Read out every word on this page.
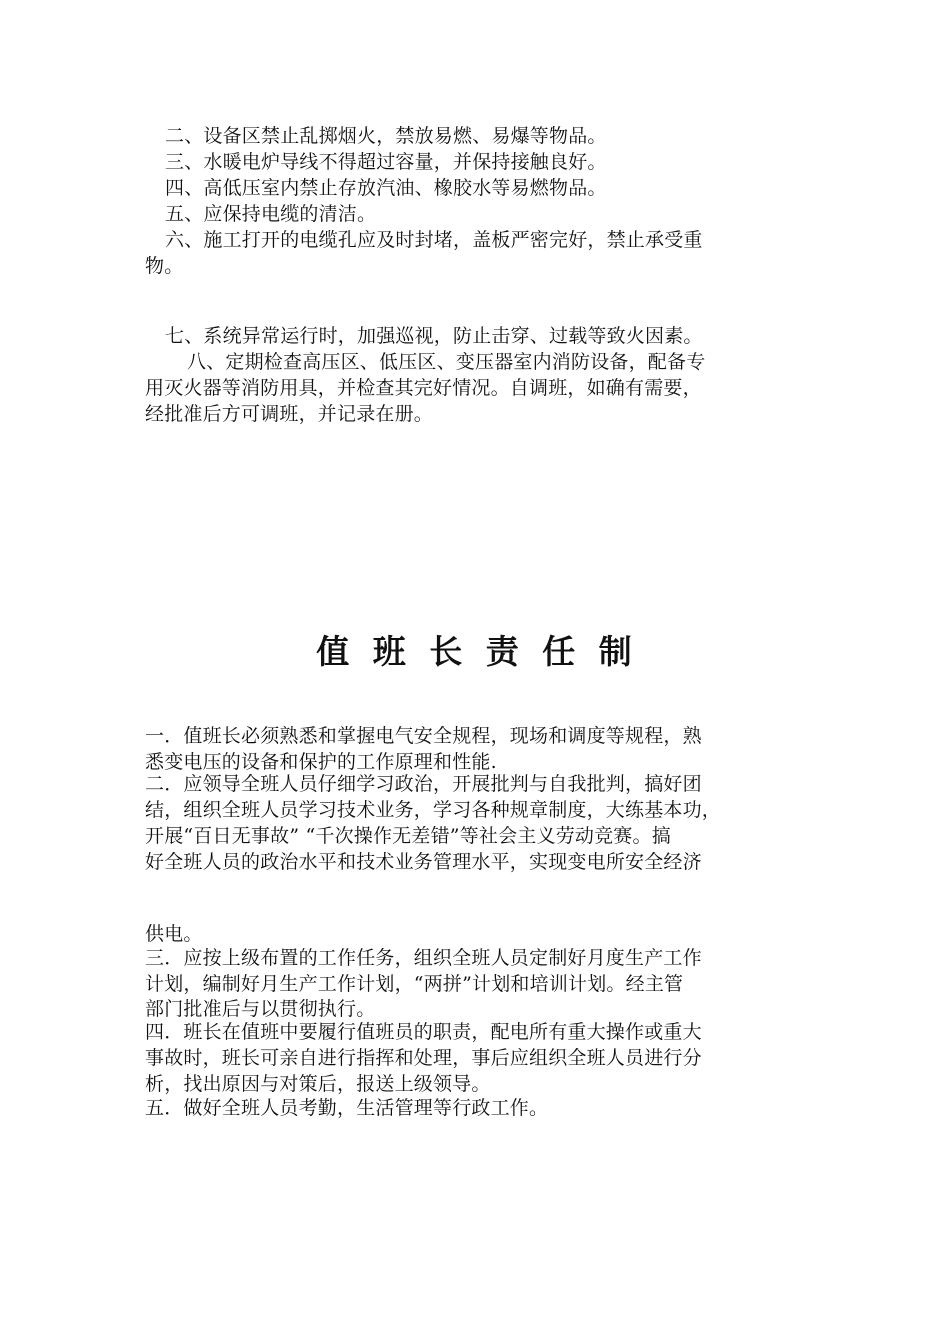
二、设备区禁止乱掷烟火，禁放易燃、易爆等物品。
三、水暖电炉导线不得超过容量，并保持接触良好。
四、高低压室内禁止存放汽油、橡胶水等易燃物品。
五、应保持电缆的清洁。
六、施工打开的电缆孔应及时封堵，盖板严密完好，禁止承受重
物。
七、系统异常运行时，加强巡视，防止击穿、过载等致火因素。
八、定期检查高压区、低压区、变压器室内消防设备，配备专
用灭火器等消防用具，并检查其完好情况。自调班，如确有需要，
经批准后方可调班，并记录在册。
值 班 长 责 任 制
一．值班长必须熟悉和掌握电气安全规程，现场和调度等规程，熟
悉变电压的设备和保护的工作原理和性能.
二．应领导全班人员仔细学习政治，开展批判与自我批判，搞好团
结，组织全班人员学习技术业务，学习各种规章制度，大练基本功，
开展“百日无事故” “千次操作无差错”等社会主义劳动竞赛。搞
好全班人员的政治水平和技术业务管理水平，实现变电所安全经济
供电。
三．应按上级布置的工作任务，组织全班人员定制好月度生产工作
计划，编制好月生产工作计划，“两拼”计划和培训计划。经主管
部门批准后与以贯彻执行。
四．班长在值班中要履行值班员的职责，配电所有重大操作或重大
事故时，班长可亲自进行指挥和处理，事后应组织全班人员进行分
析，找出原因与对策后，报送上级领导。
五．做好全班人员考勤，生活管理等行政工作。
